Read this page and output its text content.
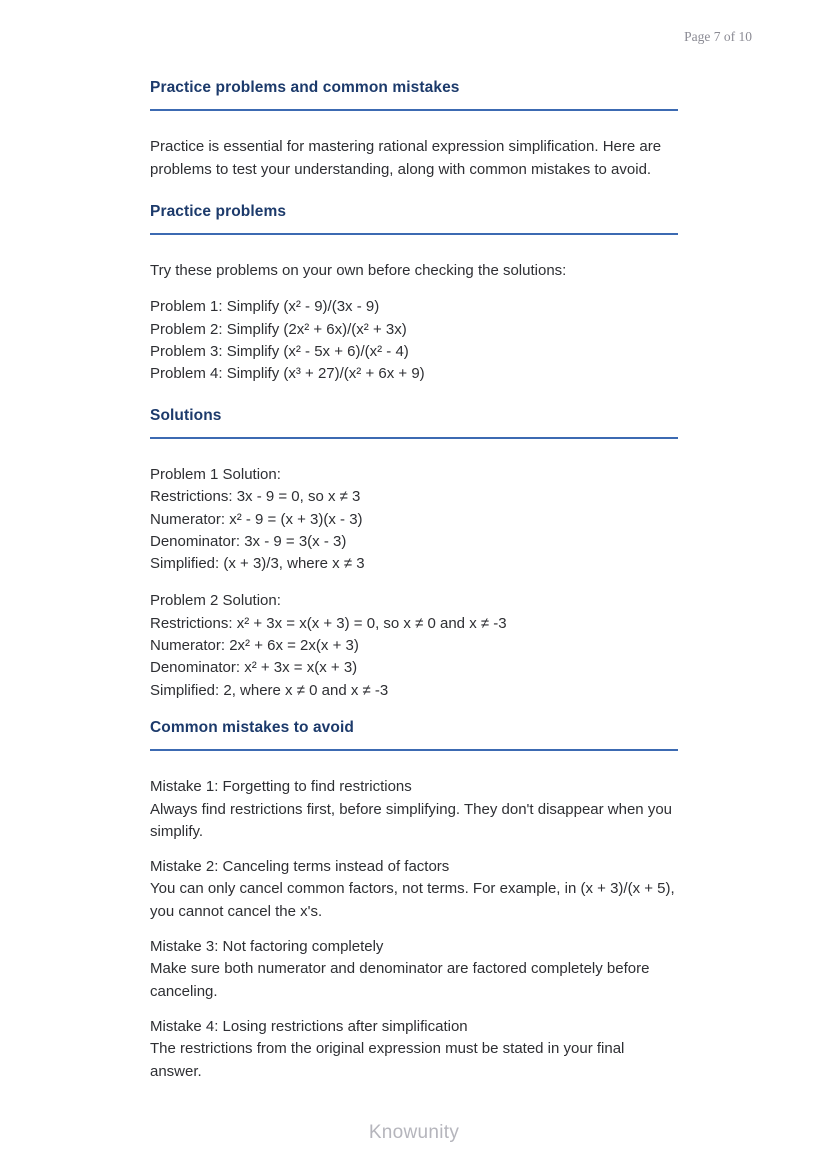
Page 7 of 10
Practice problems and common mistakes

Practice is essential for mastering rational expression simplification. Here are problems to test your understanding, along with common mistakes to avoid.

Practice problems

Try these problems on your own before checking the solutions:

Problem 1: Simplify (x² - 9)/(3x - 9)
Problem 2: Simplify (2x² + 6x)/(x² + 3x)
Problem 3: Simplify (x² - 5x + 6)/(x² - 4)
Problem 4: Simplify (x³ + 27)/(x² + 6x + 9)
Solutions
Problem 1 Solution:
Restrictions: 3x - 9 = 0, so x ≠ 3
Numerator: x² - 9 = (x + 3)(x - 3)
Denominator: 3x - 9 = 3(x - 3)
Simplified: (x + 3)/3, where x ≠ 3
Problem 2 Solution:
Restrictions: x² + 3x = x(x + 3) = 0, so x ≠ 0 and x ≠ -3
Numerator: 2x² + 6x = 2x(x + 3)
Denominator: x² + 3x = x(x + 3)
Simplified: 2, where x ≠ 0 and x ≠ -3
Common mistakes to avoid

Mistake 1: Forgetting to find restrictions

Always find restrictions first, before simplifying. They don't disappear when you simplify.

Mistake 2: Canceling terms instead of factors

You can only cancel common factors, not terms. For example, in (x + 3)/(x + 5), you cannot cancel the x's.

Mistake 3: Not factoring completely

Make sure both numerator and denominator are factored completely before canceling.

Mistake 4: Losing restrictions after simplification

The restrictions from the original expression must be stated in your final answer.

Knowunity
